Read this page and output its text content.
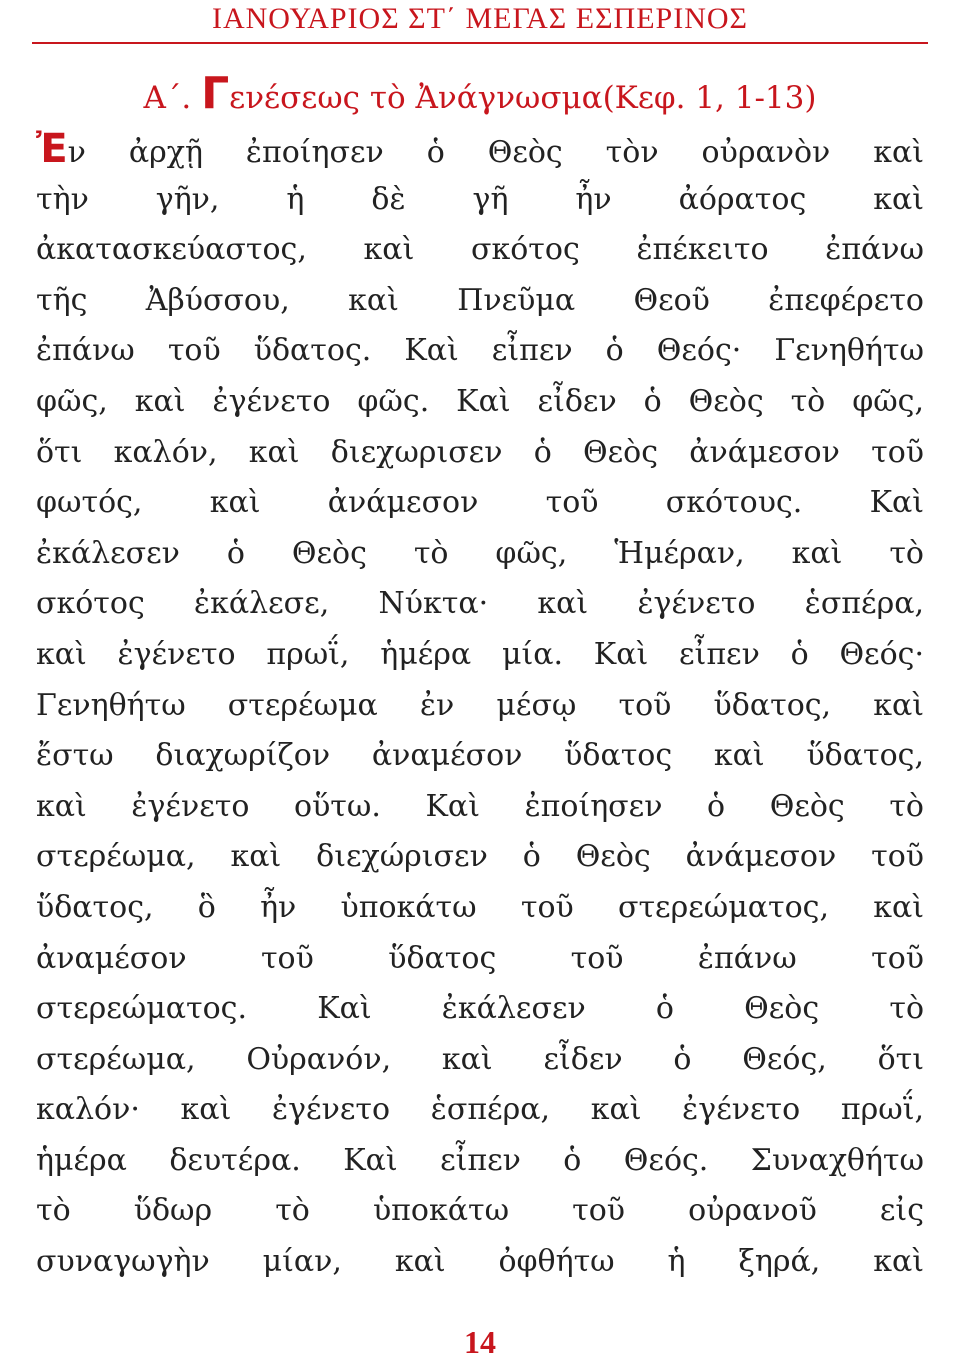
ΙΑΝΟΥΑΡΙΟΣ ΣΤ΄ ΜΕΓΑΣ ΕΣΠΕΡΙΝΟΣ
Α΄. Γενέσεως τὸ Ἀνάγνωσμα(Κεφ. 1, 1-13)
Ἐν ἀρχῇ ἐποίησεν ὁ Θεὸς τὸν οὐρανὸν καὶ
τὴν γῆν, ἡ δὲ γῆ ἦν ἀόρατος καὶ
ἀκατασκεύαστος, καὶ σκότος ἐπέκειτο ἐπάνω
τῆς Ἀβύσσου, καὶ Πνεῦμα Θεοῦ ἐπεφέρετο
ἐπάνω τοῦ ὕδατος. Καὶ εἶπεν ὁ Θεός· Γενηθήτω
φῶς, καὶ ἐγένετο φῶς. Καὶ εἶδεν ὁ Θεὸς τὸ φῶς,
ὅτι καλόν, καὶ διεχωρισεν ὁ Θεὸς ἀνάμεσον τοῦ
φωτός, καὶ ἀνάμεσον τοῦ σκότους. Καὶ
ἐκάλεσεν ὁ Θεὸς τὸ φῶς, Ἡμέραν, καὶ τὸ
σκότος ἐκάλεσε, Νύκτα· καὶ ἐγένετο ἑσπέρα,
καὶ ἐγένετο πρωΐ, ἡμέρα μία. Καὶ εἶπεν ὁ Θεός·
Γενηθήτω στερέωμα ἐν μέσῳ τοῦ ὕδατος, καὶ
ἔστω διαχωρίζον ἀναμέσον ὕδατος καὶ ὕδατος,
καὶ ἐγένετο οὕτω. Καὶ ἐποίησεν ὁ Θεὸς τὸ
στερέωμα, καὶ διεχώρισεν ὁ Θεὸς ἀνάμεσον τοῦ
ὕδατος, ὃ ἦν ὑποκάτω τοῦ στερεώματος, καὶ
ἀναμέσον τοῦ ὕδατος τοῦ ἐπάνω τοῦ
στερεώματος. Καὶ ἐκάλεσεν ὁ Θεὸς τὸ
στερέωμα, Οὐρανόν, καὶ εἶδεν ὁ Θεός, ὅτι
καλόν· καὶ ἐγένετο ἑσπέρα, καὶ ἐγένετο πρωΐ,
ἡμέρα δευτέρα. Καὶ εἶπεν ὁ Θεός. Συναχθήτω
τὸ ὕδωρ τὸ ὑποκάτω τοῦ οὐρανοῦ εἰς
συναγωγὴν μίαν, καὶ ὀφθήτω ἡ ξηρά, καὶ
14
